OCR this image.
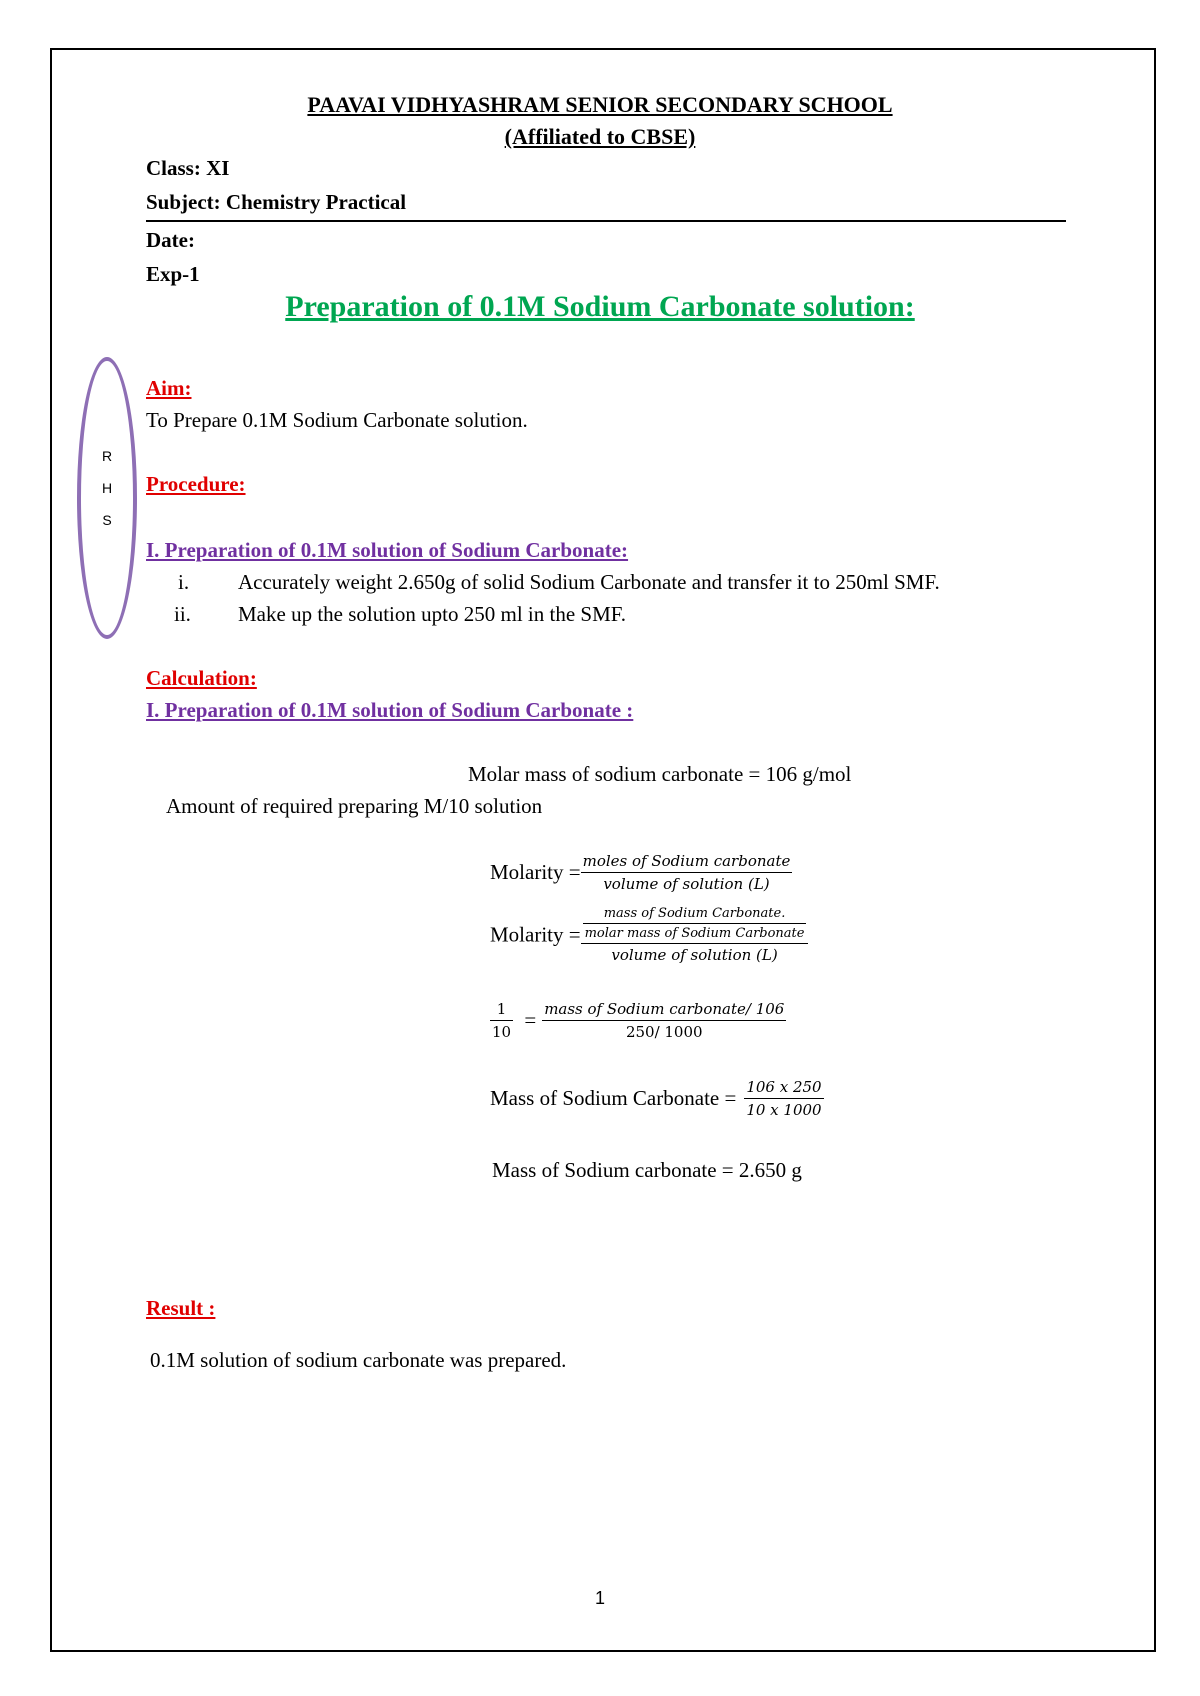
PAAVAI VIDHYASHRAM SENIOR SECONDARY SCHOOL
(Affiliated to CBSE)
Class: XI
Subject: Chemistry Practical
Date:
Exp-1
Preparation of 0.1M Sodium Carbonate solution:
R
H
S
Aim:
To Prepare 0.1M Sodium Carbonate solution.
Procedure:
I. Preparation of 0.1M solution of Sodium Carbonate:
i. Accurately weight 2.650g of solid Sodium Carbonate and transfer it to 250ml SMF.
ii. Make up the solution upto 250 ml in the SMF.
Calculation:
I. Preparation of 0.1M solution of Sodium Carbonate :
Molar mass of sodium carbonate = 106 g/mol
Amount of required preparing M/10 solution
Molarity = $\frac{\text{moles of Sodium carbonate}}{\text{volume of solution (L)}}$
Molarity = $\frac{\text{mass of Sodium Carbonate.}}{\text{molar mass of Sodium Carbonate}}$
volume of solution (L)
$\frac{1}{10} = \frac{\text{mass of Sodium carbonate/ 106}}{250/ 1000}$
Mass of Sodium Carbonate = $\frac{106 x 250}{10 x 1000}$
Mass of Sodium carbonate = 2.650 g
Result :
0.1M solution of sodium carbonate was prepared.
1
